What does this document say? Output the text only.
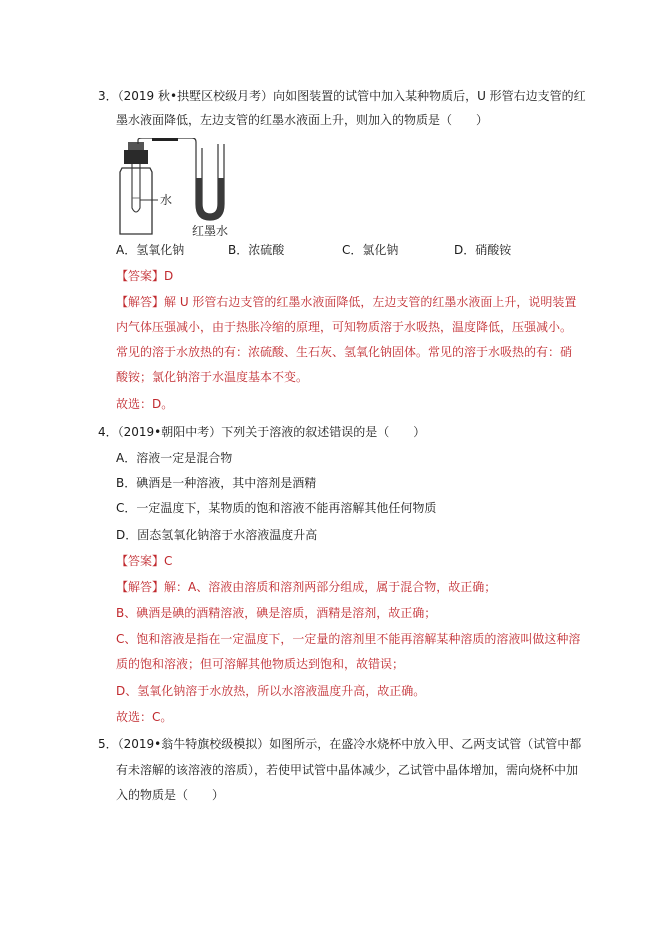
3．（2019 秋•拱墅区校级月考）向如图装置的试管中加入某种物质后，U 形管右边支管的红
墨水液面降低，左边支管的红墨水液面上升，则加入的物质是（　　）
水
红墨水
A．氢氧化钠	B．浓硫酸	C．氯化钠	D．硝酸铵
【答案】D
【解答】解 U 形管右边支管的红墨水液面降低，左边支管的红墨水液面上升，说明装置
内气体压强减小，由于热胀冷缩的原理，可知物质溶于水吸热，温度降低，压强减小。
常见的溶于水放热的有：浓硫酸、生石灰、氢氧化钠固体。常见的溶于水吸热的有：硝
酸铵；氯化钠溶于水温度基本不变。
故选：D。
4．（2019•朝阳中考）下列关于溶液的叙述错误的是（　　）
A．溶液一定是混合物
B．碘酒是一种溶液，其中溶剂是酒精
C．一定温度下，某物质的饱和溶液不能再溶解其他任何物质
D．固态氢氧化钠溶于水溶液温度升高
【答案】C
【解答】解：A、溶液由溶质和溶剂两部分组成，属于混合物，故正确；
B、碘酒是碘的酒精溶液，碘是溶质，酒精是溶剂，故正确；
C、饱和溶液是指在一定温度下，一定量的溶剂里不能再溶解某种溶质的溶液叫做这种溶
质的饱和溶液；但可溶解其他物质达到饱和，故错误；
D、氢氧化钠溶于水放热，所以水溶液温度升高，故正确。
故选：C。
5．（2019•翁牛特旗校级模拟）如图所示，在盛冷水烧杯中放入甲、乙两支试管（试管中都
有未溶解的该溶液的溶质），若使甲试管中晶体减少，乙试管中晶体增加，需向烧杯中加
入的物质是（　　）
